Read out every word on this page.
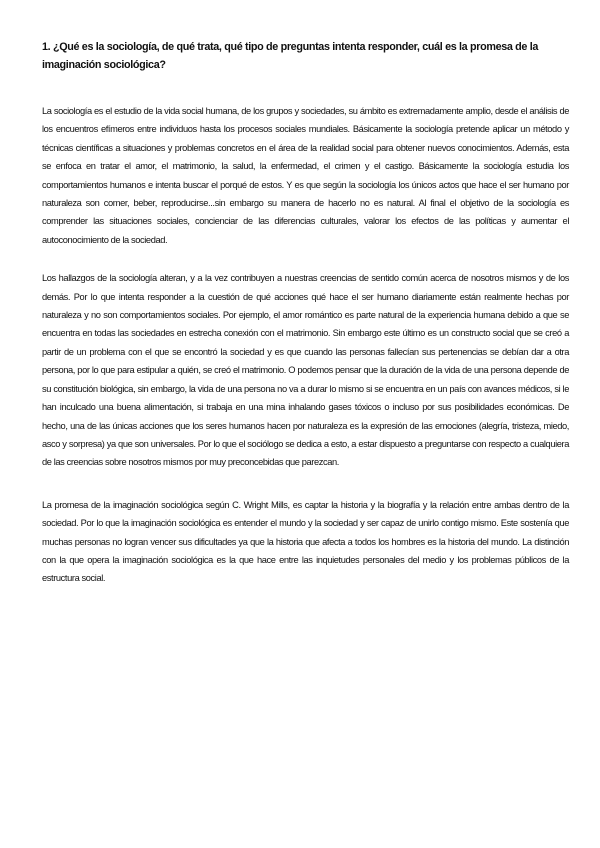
1. ¿Qué es la sociología, de qué trata, qué tipo de preguntas intenta responder, cuál es la promesa de la imaginación sociológica?

La sociología es el estudio de la vida social humana, de los grupos y sociedades, su ámbito es extremadamente amplio, desde el análisis de los encuentros efímeros entre individuos hasta los procesos sociales mundiales. Básicamente la sociología pretende aplicar un método y técnicas científicas a situaciones y problemas concretos en el área de la realidad social para obtener nuevos conocimientos. Además, esta se enfoca en tratar el amor, el matrimonio, la salud, la enfermedad, el crimen y el castigo. Básicamente la sociología estudia los comportamientos humanos e intenta buscar el porqué de estos. Y es que según la sociología los únicos actos que hace el ser humano por naturaleza son comer, beber, reproducirse...sin embargo su manera de hacerlo no es natural. Al final el objetivo de la sociología es comprender las situaciones sociales, concienciar de las diferencias culturales, valorar los efectos de las políticas y aumentar el autoconocimiento de la sociedad.

Los hallazgos de la sociología alteran, y a la vez contribuyen a nuestras creencias de sentido común acerca de nosotros mismos y de los demás. Por lo que intenta responder a la cuestión de qué acciones qué hace el ser humano diariamente están realmente hechas por naturaleza y no son comportamientos sociales. Por ejemplo, el amor romántico es parte natural de la experiencia humana debido a que se encuentra en todas las sociedades en estrecha conexión con el matrimonio. Sin embargo este último es un constructo social que se creó a partir de un problema con el que se encontró la sociedad y es que cuando las personas fallecían sus pertenencias se debían dar a otra persona, por lo que para estipular a quién, se creó el matrimonio. O podemos pensar que la duración de la vida de una persona depende de su constitución biológica, sin embargo, la vida de una persona no va a durar lo mismo si se encuentra en un país con avances médicos, si le han inculcado una buena alimentación, si trabaja en una mina inhalando gases tóxicos o incluso por sus posibilidades económicas. De hecho, una de las únicas acciones que los seres humanos hacen por naturaleza es la expresión de las emociones (alegría, tristeza, miedo, asco y sorpresa) ya que son universales. Por lo que el sociólogo se dedica a esto, a estar dispuesto a preguntarse con respecto a cualquiera de las creencias sobre nosotros mismos por muy preconcebidas que parezcan.

La promesa de la imaginación sociológica según C. Wright Mills, es captar la historia y la biografía y la relación entre ambas dentro de la sociedad. Por lo que la imaginación sociológica es entender el mundo y la sociedad y ser capaz de unirlo contigo mismo. Este sostenía que muchas personas no logran vencer sus dificultades ya que la historia que afecta a todos los hombres es la historia del mundo. La distinción con la que opera la imaginación sociológica es la que hace entre las inquietudes personales del medio y los problemas públicos de la estructura social.
